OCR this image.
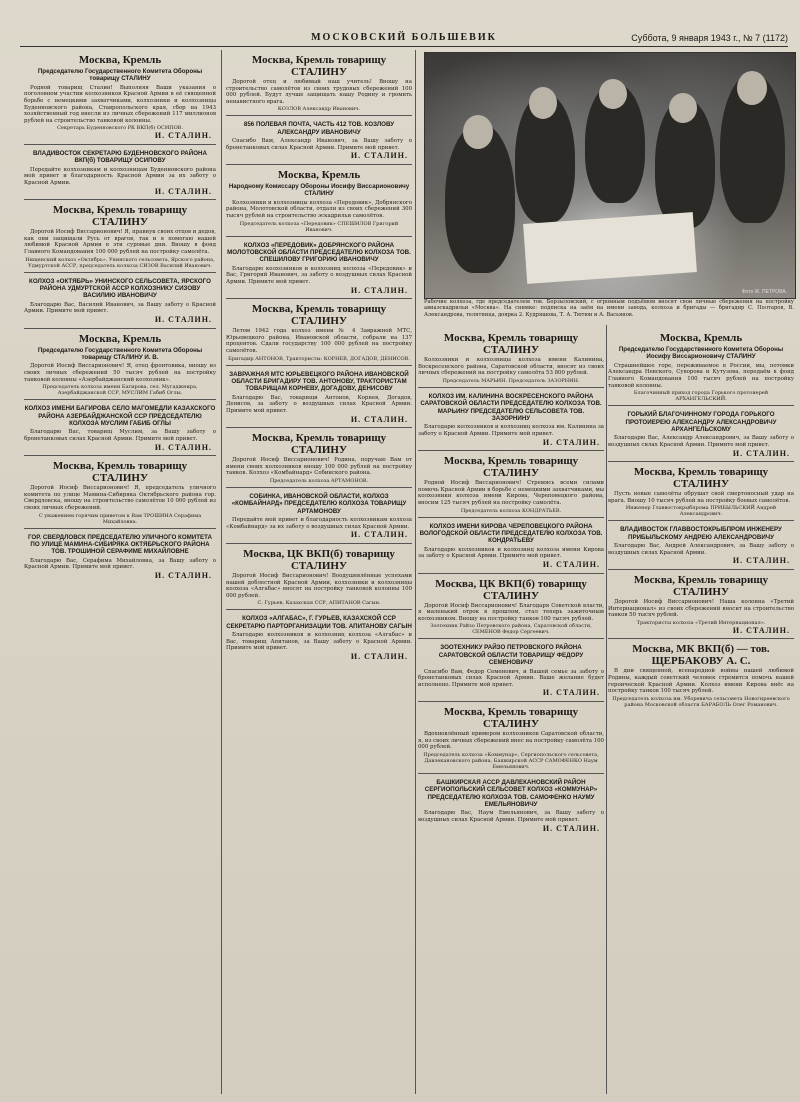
МОСКОВСКИЙ БОЛЬШЕВИК	Суббота, 9 января 1943 г., № 7 (1172)
Москва, Кремль
Председателю Государственного Комитета Обороны товарищу СТАЛИНУ
Родной товарищ Сталин! Выполняя Ваши указания о поголовном участии колхозников Красной Армии в её священной борьбе с немецкими захватчиками, колхозники и колхозницы Буденновского района, Ставропольского края, сбор на 1943 хозяйственный год внесли из личных сбережений 117 миллионов рублей на строительство танковой колонны.
Секретарь Буденновского РК ВКП(б) ОСИПОВ.
И. СТАЛИН.
ВЛАДИВОСТОК СЕКРЕТАРЮ БУДЕННОВСКОГО РАЙОНА ВКП(б) ТОВАРИЩУ ОСИПОВУ
Передайте колхозникам и колхозницам Буденновского района мой привет и благодарность Красной Армии за их заботу о Красной Армии.
И. СТАЛИН.
Москва, Кремль товарищу СТАЛИНУ
Дорогой Иосиф Виссарионович! Я, правнук своих отцов и дедов, как они защищали Русь от врагов, так и я помогаю нашей любимой Красной Армии в эти суровые дни. Вношу в фонд Главного Командования 100 000 рублей на постройку самолёта.
Нищенский колхоз «Октябрь», Унинского сельсовета, Ярского района, Удмуртской АССР, председатель колхоза СИЗОВ Василий Иванович.
КОЛХОЗ «ОКТЯБРЬ» УНИНСКОГО СЕЛЬСОВЕТА, ЯРСКОГО РАЙОНА УДМУРТСКОЙ АССР КОЛХОЗНИКУ СИЗОВУ ВАСИЛИЮ ИВАНОВИЧУ
Благодарю Вас, Василий Иванович, за Вашу заботу о Красной Армии. Примите мой привет.
И. СТАЛИН.
Москва, Кремль
Председателю Государственного Комитета Обороны товарищу СТАЛИНУ И. В.
Дорогой Иосиф Виссарионович! Я, отец фронтовика, вношу из своих личных сбережений 50 тысяч рублей на постройку танковой колонны «Азербайджанский колхозник».
Председатель колхоза имени Багирова, сел. Мугаджнира, Азербайджанской ССР, МУСЛИМ Габиб Оглы.
КОЛХОЗ ИМЕНИ БАГИРОВА СЕЛО МАГОМЕДЛИ КАЗАХСКОГО РАЙОНА АЗЕРБАЙДЖАНСКОЙ ССР ПРЕДСЕДАТЕЛЮ КОЛХОЗА МУСЛИМ ГАБИБ ОГЛЫ
Благодарю Вас, товарищ Муслим, за Вашу заботу о бронетанковых силах Красной Армии. Примите мой привет.
И. СТАЛИН.
Москва, Кремль товарищу СТАЛИНУ
Дорогой Иосиф Виссарионович! Я, председатель уличного комитета по улице Мамина-Сибиряка Октябрьского района гор. Свердловска, вношу на строительство самолётов 10 000 рублей из своих личных сбережений.
С уважением горячим приветом к Вам ТРОШИНА Серафима Михайловна.
ГОР. СВЕРДЛОВСК ПРЕДСЕДАТЕЛЮ УЛИЧНОГО КОМИТЕТА ПО УЛИЦЕ МАМИНА-СИБИРЯКА ОКТЯБРЬСКОГО РАЙОНА ТОВ. ТРОШИНОЙ СЕРАФИМЕ МИХАЙЛОВНЕ
Благодарю Вас, Серафима Михайловна, за Вашу заботу о Красной Армии. Примите мой привет.
И. СТАЛИН.
Москва, Кремль товарищу СТАЛИНУ
Дорогой отец и любимый наш учитель! Вношу на строительство самолётов из своих трудовых сбережений 100 000 рублей. Будут лучше защищать нашу Родину и громить ненавистного врага.
КОЗЛОВ Александр Иванович.
856 ПОЛЕВАЯ ПОЧТА, ЧАСТЬ 412 ТОВ. КОЗЛОВУ АЛЕКСАНДРУ ИВАНОВИЧУ
Спасибо Вам, Александр Иванович, за Вашу заботу о бронетанковых силах Красной Армии. Примите мой привет.
И. СТАЛИН.
Москва, Кремль
Народному Комиссару Обороны Иосифу Виссарионовичу СТАЛИНУ
Колхозники и колхозницы колхоза «Передовик», Добрянского района, Молотовской области, отдали из своих сбережений 300 тысяч рублей на строительство эскадрильи самолётов.
Председатель колхоза «Передовик» СПЕШИЛОВ Григорий Иванович.
КОЛХОЗ «ПЕРЕДОВИК» ДОБРЯНСКОГО РАЙОНА МОЛОТОВСКОЙ ОБЛАСТИ ПРЕДСЕДАТЕЛЮ КОЛХОЗА ТОВ. СПЕШИЛОВУ ГРИГОРИЮ ИВАНОВИЧУ
Благодарю колхозников и колхозниц колхоза «Передовик» и Вас, Григорий Иванович, за заботу о воздушных силах Красной Армии. Примите мой привет.
И. СТАЛИН.
Москва, Кремль товарищу СТАЛИНУ
Летом 1942 года колхоз имени № 4 Завражной МТС, Юрьевецкого района, Ивановской области, собрали на 137 процентов. Сдали государству 100 000 рублей на постройку самолётов.
Бригадир АНТОНОВ, Трактористы: КОРНЕВ, ДОГАДОВ, ДЕНИСОВ.
ЗАВРАЖНАЯ МТС ЮРЬЕВЕЦКОГО РАЙОНА ИВАНОВСКОЙ ОБЛАСТИ БРИГАДИРУ ТОВ. АНТОНОВУ, ТРАКТОРИСТАМ ТОВАРИЩАМ КОРНЕВУ, ДОГАДОВУ, ДЕНИСОВУ
Благодарю Вас, товарищи Антонов, Корнев, Догадов, Денисов, за заботу о воздушных силах Красной Армии. Примите мой привет.
И. СТАЛИН.
Москва, Кремль товарищу СТАЛИНУ
Дорогой Иосиф Виссарионович! Родина, поручаю Вам от имени своих колхозников вношу 100 000 рублей на постройку танков. Колхоз «Комбайнард» Собинского района.
Председатель колхоза АРТАМОНОВ.
СОБИНКА, ИВАНОВСКОЙ ОБЛАСТИ, КОЛХОЗ «КОМБАЙНАРД» ПРЕДСЕДАТЕЛЮ КОЛХОЗА ТОВАРИЩУ АРТАМОНОВУ
Передайте мой привет и благодарность колхозникам колхоза «Комбайнард» за их заботу о воздушных силах Красной Армии.
И. СТАЛИН.
Москва, ЦК ВКП(б) товарищу СТАЛИНУ
Дорогой Иосиф Виссарионович! Воодушевлённые успехами нашей доблестной Красной Армии, колхозники и колхозницы колхоза «Алгабас» вносят на постройку танковой колонны 100 000 рублей.
С. Гурьев, Казахская ССР, АПИТАНОВ Сагын.
КОЛХОЗ «АЛГАБАС», Г. ГУРЬЕВ, КАЗАХСКОЙ ССР СЕКРЕТАРЮ ПАРТОРГАНИЗАЦИИ ТОВ. АПИТАНОВУ САГЫН
Благодарю колхозников и колхозниц колхоза «Алгабас» и Вас, товарищ Апитанов, за Вашу заботу о Красной Армии. Примите мой привет.
И. СТАЛИН.
Фото Ж. ПЕТРОВА.
Рабочие колхоза, где председателем тов. Борзыловский, с огромным подъёмом вносят свои личные сбережения на постройку авиаэскадрильи «Москва». На снимке: подписка на заём на имени завода, колхоза и бригады — бригадир С. Полтаров, В. Александрова, телятница, доярка 2. Кудряшова, Т. А. Тютюн и А. Васьянов.
Москва, Кремль товарищу СТАЛИНУ
Колхозники и колхозницы колхоза имени Калинина, Воскресенского района, Саратовской области, вносят из своих личных сбережений на постройку самолёта 53 800 рублей.
Председатель МАРЬИН. Председатель ЗАЗОРНИН.
КОЛХОЗ ИМ. КАЛИНИНА ВОСКРЕСЕНСКОГО РАЙОНА САРАТОВСКОЙ ОБЛАСТИ ПРЕДСЕДАТЕЛЮ КОЛХОЗА ТОВ. МАРЬИНУ ПРЕДСЕДАТЕЛЮ СЕЛЬСОВЕТА ТОВ. ЗАЗОРНИНУ
Благодарю колхозников и колхозниц колхоза им. Калинина за заботу о Красной Армии. Примите мой привет.
И. СТАЛИН.
Москва, Кремль товарищу СТАЛИНУ
Родной Иосиф Виссарионович! Стремясь всеми силами помочь Красной Армии в борьбе с немецкими захватчиками, мы колхозники колхоза имени Кирова, Череповецкого района, вносим 125 тысяч рублей на постройку самолёта.
Председатель колхоза КОНДРАТЬЕВ.
КОЛХОЗ ИМЕНИ КИРОВА ЧЕРЕПОВЕЦКОГО РАЙОНА ВОЛОГОДСКОЙ ОБЛАСТИ ПРЕДСЕДАТЕЛЮ КОЛХОЗА ТОВ. КОНДРАТЬЕВУ
Благодарю колхозников и колхозниц колхоза имени Кирова за заботу о Красной Армии. Примите мой привет.
И. СТАЛИН.
Москва, ЦК ВКП(б) товарищу СТАЛИНУ
Дорогой Иосиф Виссарионович! Благодаря Советской власти, я маленький отрок в прошлом, стал теперь зажиточным колхозником. Вношу на постройку танков 100 тысяч рублей.
Зоотехник Райзо Петровского района, Саратовской области, СЕМЕНОВ Федор Сергеевич.
ЗООТЕХНИКУ РАЙЗО ПЕТРОВСКОГО РАЙОНА САРАТОВСКОЙ ОБЛАСТИ ТОВАРИЩУ ФЕДОРУ СЕМЕНОВИЧУ
Спасибо Вам, Федор Семенович, и Вашей семье за заботу о бронетанковых силах Красной Армии. Ваше желание будет исполнено. Примите мой привет.
И. СТАЛИН.
Москва, Кремль товарищу СТАЛИНУ
Вдохновлённый примером колхозников Саратовской области, я, из своих личных сбережений внес на постройку самолёта 100 000 рублей.
Председатель колхоза «Коммунар», Сергиопольского сельсовета, Давлекановского района, Башкирской АССР САМОФЕНКО Наум Емельянович.
БАШКИРСКАЯ АССР ДАВЛЕКАНОВСКИЙ РАЙОН СЕРГИОПОЛЬСКИЙ СЕЛЬСОВЕТ КОЛХОЗ «КОММУНАР» ПРЕДСЕДАТЕЛЮ КОЛХОЗА ТОВ. САМОФЕНКО НАУМУ ЕМЕЛЬЯНОВИЧУ
Благодарю Вас, Наум Емельянович, за Вашу заботу о воздушных силах Красной Армии. Примите мой привет.
И. СТАЛИН.
Москва, Кремль
Председателю Государственного Комитета Обороны Иосифу Виссарионовичу СТАЛИНУ
Страшнейшее горе, переживаемое в России, мы, потомки Александра Невского, Суворова и Кутузова, передаём в фонд Главного Командования 100 тысяч рублей на постройку танковой колонны.
Благочинный приход города Горького протоиерей АРХАНГЕЛЬСКИЙ.
ГОРЬКИЙ БЛАГОЧИННОМУ ГОРОДА ГОРЬКОГО ПРОТОИЕРЕЮ АЛЕКСАНДРУ АЛЕКСАНДРОВИЧУ АРХАНГЕЛЬСКОМУ
Благодарю Вас, Александр Александрович, за Вашу заботу о воздушных силах Красной Армии. Примите мой привет.
И. СТАЛИН.
Москва, Кремль товарищу СТАЛИНУ
Пусть новые самолёты обрушат свой смертоносный удар на врага. Вношу 10 тысяч рублей на постройку боевых самолётов.
Инженер Главвостокрыбпрома ПРИБЫЛЬСКИЙ Андрей Александрович.
ВЛАДИВОСТОК ГЛАВВОСТОКРЫБПРОМ ИНЖЕНЕРУ ПРИБЫЛЬСКОМУ АНДРЕЮ АЛЕКСАНДРОВИЧУ
Благодарю Вас, Андрей Александрович, за Вашу заботу о воздушных силах Красной Армии.
И. СТАЛИН.
Москва, Кремль товарищу СТАЛИНУ
Дорогой Иосиф Виссарионович! Наша колонна «Третий Интернационал» из своих сбережений вносит на строительство танков 50 тысяч рублей.
Трактористы колхоза «Третий Интернационал».
И. СТАЛИН.
Москва, МК ВКП(б) — тов. ЩЕРБАКОВУ А. С.
В дни священной, всенародной войны нашей любимой Родины, каждый советский человек стремится помочь нашей героической Красной Армии. Колхоз имени Кирова внёс на постройку танков 100 тысяч рублей.
Председатель колхоза им. Уборевича сельсовета Новогиреевского района Московской области БАРАБОЛЬ Олег Романович.
